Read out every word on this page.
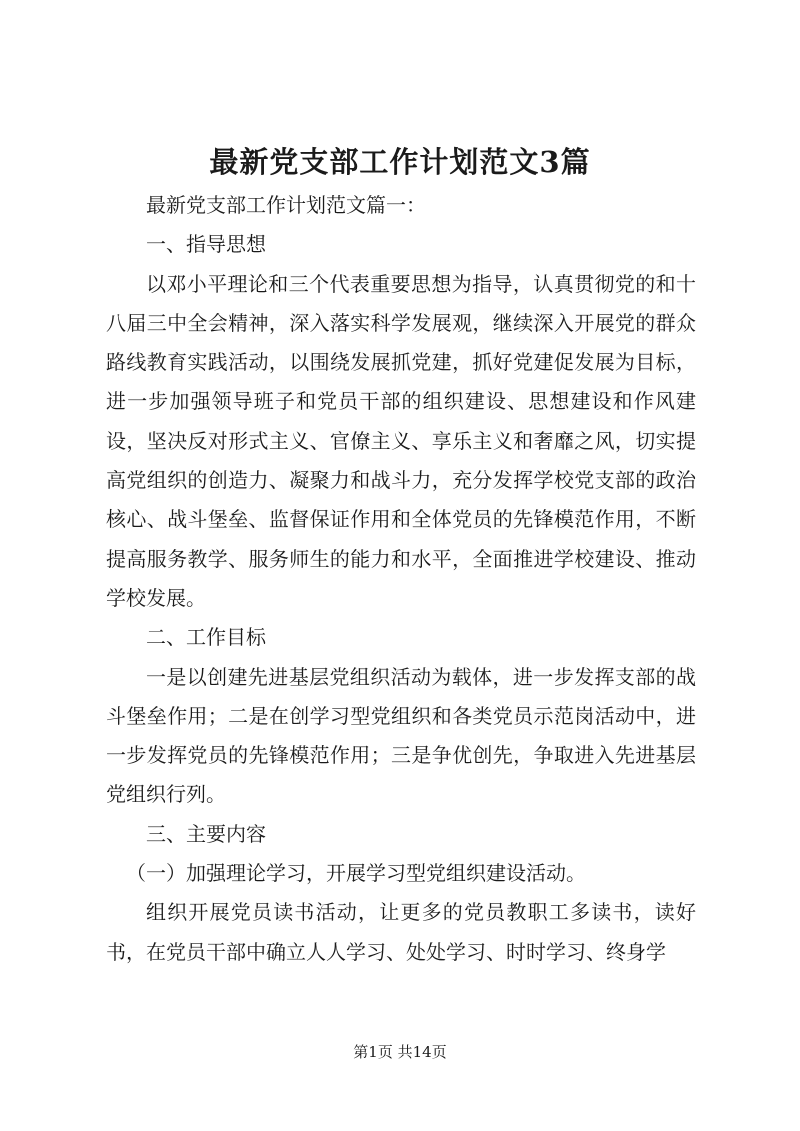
最新党支部工作计划范文3篇

最新党支部工作计划范文篇一：

一、指导思想

以邓小平理论和三个代表重要思想为指导，认真贯彻党的和十八届三中全会精神，深入落实科学发展观，继续深入开展党的群众路线教育实践活动，以围绕发展抓党建，抓好党建促发展为目标，进一步加强领导班子和党员干部的组织建设、思想建设和作风建设，坚决反对形式主义、官僚主义、享乐主义和奢靡之风，切实提高党组织的创造力、凝聚力和战斗力，充分发挥学校党支部的政治核心、战斗堡垒、监督保证作用和全体党员的先锋模范作用，不断提高服务教学、服务师生的能力和水平，全面推进学校建设、推动学校发展。

二、工作目标

一是以创建先进基层党组织活动为载体，进一步发挥支部的战斗堡垒作用；二是在创学习型党组织和各类党员示范岗活动中，进一步发挥党员的先锋模范作用；三是争优创先，争取进入先进基层党组织行列。

三、主要内容

（一）加强理论学习，开展学习型党组织建设活动。

组织开展党员读书活动，让更多的党员教职工多读书，读好书，在党员干部中确立人人学习、处处学习、时时学习、终身学

第1页 共14页
